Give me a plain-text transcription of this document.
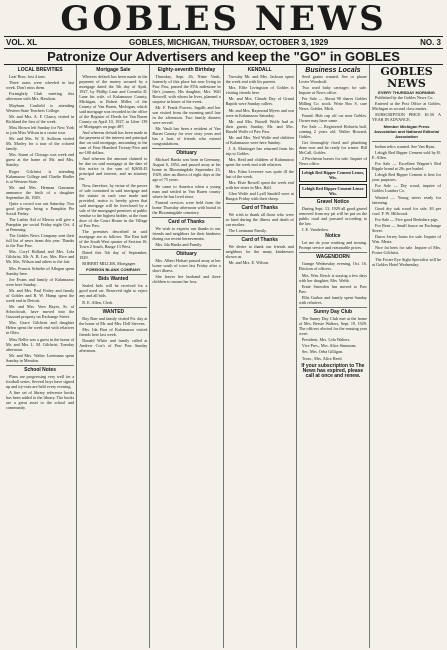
GOBLES NEWS
VOL. XL	GOBLES, MICHIGAN, THURSDAY, OCTOBER 3, 1929	NO. 3
Patronize Our Advertisers and keep the "GO" in GOBLES
LOCAL BREVITIES
Leaf Bros. lost 4 tons.
Three autos were wheeled in last week. Don't miss them.
Fortnightly Club meeting this afternoon with Mrs. Hawkins.
Mayburn Cunfield is attending Western State Teachers College.
Mr. and Mrs. A. F. Clancy visited in Richland the first of the week.
Miss Brown left Sunday for New York to join Miss Wilson in a cruise tour.
Mr. and Mrs. W. E. Sullivan visited Mt. Morley for a tour of the colored family.
Mrs. Stuart of Chicago was week end guest at the home of Mr. and Mrs. Stanley.
Roger Gilchrist is attending Kalamazoo College and Charlie Hudler is at Western State.
Mr. and Mrs. Herman Gausman announce the birth of a daughter September 26, 1929.
Quite a crowd was out Saturday. Two good pile-ups bring a Pumpkin Pie Social Friday.
The Ladies Aid of Mercia will give a Pumpkin pie social Friday night Oct. 4 at Pennsing.
The Gobles News Company sent their full list of news items this year. Thanks to the Paw Paw.
Mrs. Coryl Holland and Mrs. Lela Gilchrist, Mr. A. B. Lee, Mrs. Rice and Mr. Mrs. Wilson and others to the fair.
Mrs. Francis Schiebe of Allegan spent Sunday here.
Joe Evans and family of Kalamazoo were here Sunday.
Mr. and Mrs. Paul Finley and family of Gobles and R. W. Hamp spent the week end in Detroit.
Mr. and Mrs. Vern Hayes, Sr. of Schoolcraft, have moved into the Guzzard property on Exchange Street.
Mrs. Grace Gilchrist and daughter Helen spent the week end with relatives in Ohio.
Miss Nellie was a guest in the home of Mr. and Mrs. L. M. Gilchrist, Tuesday afternoon.
Mr. and Mrs. Walter Loetmann spent Sunday in Mendon.
School Notes
Plans are progressing very well for a football series. Several boys have signed up and try-outs are held every evening.
A fine set of library reference books has been added to the library. The books are a great asset to the school and community.
Mortgage Sale
Whereas default has been made in the payment of the money secured by a mortgage dated the 5th day of April, 1927, by Phillip Lane and Cornelia D. Lane his wife, of Kalamazoo County, Michigan, to Robert Miller, of the County of Van Buren, Michigan, which said mortgage was recorded in the office of the Register of Deeds for Van Buren County on April 10, 1927, in Liber 139 of Mortgages on page 487;
And whereas default has been made in the payment of the interest and principal due on said mortgage, amounting to the sum of Four Hundred Twenty-Five and no-100 dollars.
And whereas the amount claimed to be due on said mortgage at the date of this notice is the sum of $2658.45 principal and interest, and an attorney fee.
Now, therefore, by virtue of the power of sale contained in said mortgage and the statute in such case made and provided, notice is hereby given that said mortgage will be foreclosed by a sale of the mortgaged premises at public vendue to the highest bidder, at the front door of the Court House in the Village of Paw Paw.
The premises described in said mortgage are as follows: The East half of the South West quarter of Section 16, Town 2 South, Range 13 West.
Dated this 5th day of September, 1929.
ROBERT MILLER, Mortgagee.
FOREIGN BLANK COMPANY
Bids Wanted
Sealed bids will be received for a good used car. Reserved right to reject any and all bids.
R. E. Allen, Clerk.
WANTED
Roy Barr and family visited Fri. day at the home of Mr. and Mrs. Dell Stevens.
Mrs. Ida Hart of Kalamazoo visited friends here last week.
Donald White and family called at Andrew Cox's of Paw Paw Sunday afternoon.
Eighty-seventh Birthday
Thursday, Sept. 26, Nime Vault, formerly of this place but now living in Paw Paw, passed the 87th milestone in life's journey. His daughter, Mrs. Will Boswell, with whom he lives, planned a surprise in honor of the event.
Mr. F. Frank Powers, Ingalls and her son visited from the morning until late in the afternoon. Two family dinners were served.
Mr. Vault has been a resident of Van Buren County for over sixty years and has a host of friends who extend congratulations.
Obituary
Michael Hanks was born in Germany, August 6, 1854, and passed away at his home in Bloomingdale September 23, 1929, after an illness of eight days at the age of 75 years.
He came to America when a young man and settled in Van Buren county where he has lived since.
Funeral services were held from the home Thursday afternoon with burial in the Bloomingdale cemetery.
Card of Thanks
We wish to express our thanks to our friends and neighbors for their kindness during our recent bereavement.
Mrs. Ida Hanks and Family.
Obituary
Mrs. Albert Hobart passed away at her home south of town last Friday after a short illness.
She leaves her husband and three children to mourn her loss.
KENDALL
Tuesday Mr. and Mrs. Jackson spent the week end with his parents.
Mrs. Effie Livingston of Gobles is visiting friends here.
Mr. and Mrs. Claude Day of Grand Rapids were Sunday callers.
Mr. and Mrs. Raymond Myers and son were in Kalamazoo Saturday.
Mr. and Mrs. Russell Wolfe had as their guests Sunday, Mr. and Mrs. Harold Wolfe of Paw Paw.
Mr. and Mrs. Neil Wolfe and children of Kalamazoo were here Sunday.
J. A. Martinger has returned from his trip to Gobles.
Mrs. Reid and children of Kalamazoo spent the week end with relatives.
Mrs. Edna Leversee was quite ill the last of the week.
Mrs. Elsie Rowell spent the week end with her sister in Mrs. Hall.
Glen Wolfe and Lyall Sandell were at Bangor Friday with their sheep.
Card of Thanks
We wish to thank all those who were so kind during the illness and death of our mother.
The Loetmann Family.
Card of Thanks
We desire to thank our friends and neighbors for the many kindnesses shown us.
Mr. and Mrs. E. Wilson.
Business Locals
Seed grains wanted. See or phone Lester Woodruff.
Two used baby carriages for sale. Inquire at News office.
For Sale — About 90 shares Gobles Milling Co. stock. Write Box S, care News, Gobles, Mich.
Found: Hub cap off car near Gobles. Owner may have same.
For Sale — Registered Holstein bull, coming 2 years old. Walter Howard, Gobles.
Get thoroughly fixed and plumbing done now and be ready for winter. Bill McCall, Gobles.
2 Percheron horses for sale. Inquire of News office.
Lehigh Red Ripper Cement Lenox, Wis.
Lehigh Red Ripper Cement Lenox Wis.
Gravel Notice
During Sept. 13, 1929 all good gravel removed from my pit will be put on the public road and pursued according to the law.
J. E. Vanderlow.
Notice
Let me do your washing and ironing. Prompt service and reasonable prices.
WAGENDORN
Grange Wednesday evening, Oct. 16. Election of officers.
Mrs. Wm. Resch is staying a few days with her daughter, Mrs. Webb.
Ernie Snowden has moved to Paw Paw.
Ellis Garbor and family spent Sunday with relatives.
Sunny Day Club
The Sunny Day Club met at the home of Mrs. Bessie Walters, Sept. 19, 1929. The officers elected for the ensuing year were:
President, Mrs. Lela Walters.
Vice Pres., Mrs. Alice Simmons.
Sec. Mrs. Orba Gilligan.
Treas., Mrs. Alice Reed.
If your subscription to The News has expired, please call at once and renew.
GOBLES NEWS
EVERY THURSDAY MORNING
Published by the Gobles News Co.
Entered at the Post Office at Gobles, Michigan as second class matter.
SUBSCRIPTION PRICE $1.50 A YEAR IN ADVANCE.
Member Michigan Press Association and National Editorial Association
Indian relics wanted. See Van Ryan.
Lehigh Red Ripper Cement sold by R. E. Allen.
For Sale — Excellent Wagner's Red Ripple brand at 20c per bushel.
Lehigh Red Ripper Cement is best for your purposes.
For Sale — Dry wood, inquire of Gobles Lumber Co.
Wanted — Young steers ready for fattening.
Good dry oak wood for sale, $3 per cord. F. W. Hillwood.
For Sale — Five good Berkshire pigs.
For Rent — Small house on Exchange Street.
Duroc Jersey boars for sale. Inquire of Wm. Merta.
Nice fat hens for sale. Inquire of Mrs. Foster Gilchrist.
The Foster Eye Sight Specialist will be at Gobles Hotel Wednesday.
